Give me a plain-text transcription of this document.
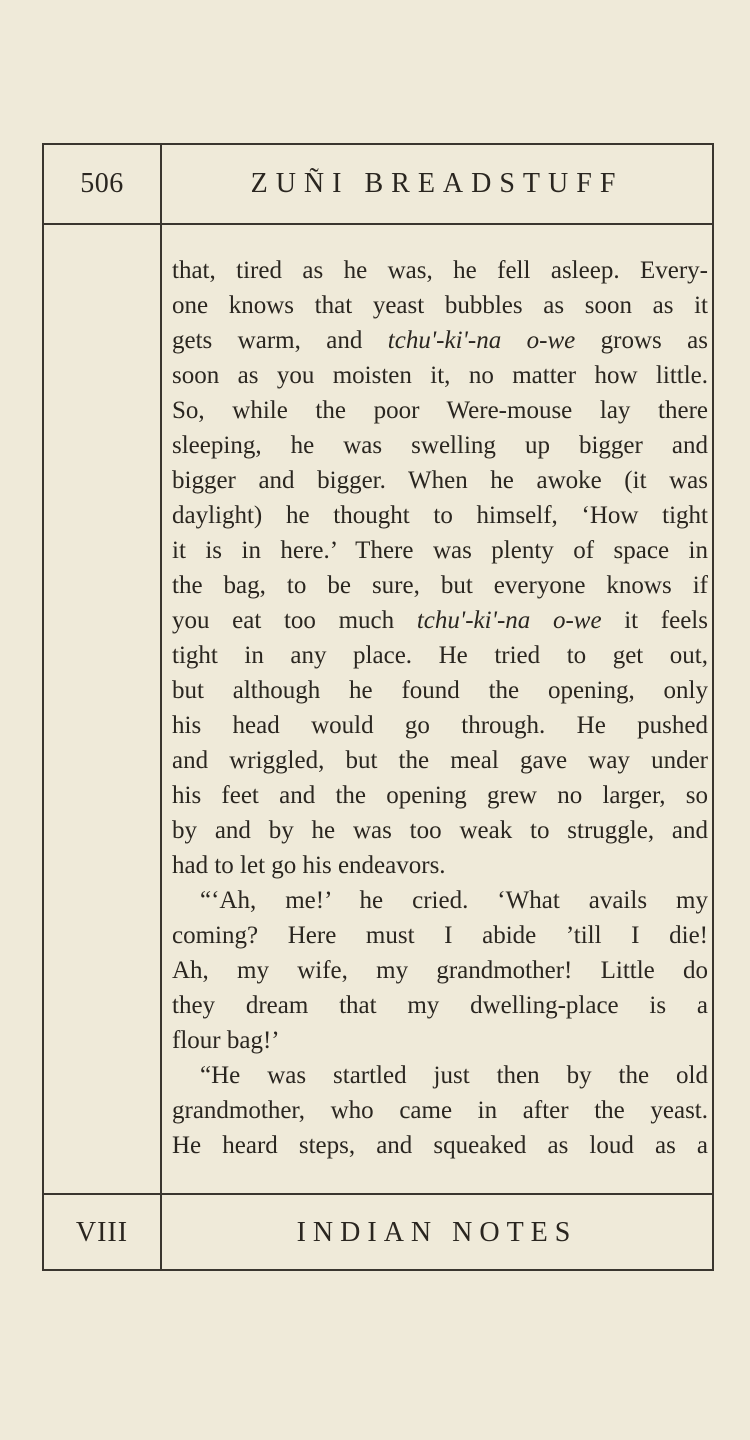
506	ZUÑI BREADSTUFF
that, tired as he was, he fell asleep. Every-
one knows that yeast bubbles as soon as it
gets warm, and tchu'-ki'-na o-we grows as
soon as you moisten it, no matter how little.
So, while the poor Were-mouse lay there
sleeping, he was swelling up bigger and
bigger and bigger. When he awoke (it was
daylight) he thought to himself, ‘How tight
it is in here.’ There was plenty of space in
the bag, to be sure, but everyone knows if
you eat too much tchu'-ki'-na o-we it feels
tight in any place. He tried to get out,
but although he found the opening, only
his head would go through. He pushed
and wriggled, but the meal gave way under
his feet and the opening grew no larger, so
by and by he was too weak to struggle, and
had to let go his endeavors.
“‘Ah, me!’ he cried. ‘What avails my
coming? Here must I abide ’till I die!
Ah, my wife, my grandmother! Little do
they dream that my dwelling-place is a
flour bag!’
“He was startled just then by the old
grandmother, who came in after the yeast.
He heard steps, and squeaked as loud as a
VIII	INDIAN NOTES
